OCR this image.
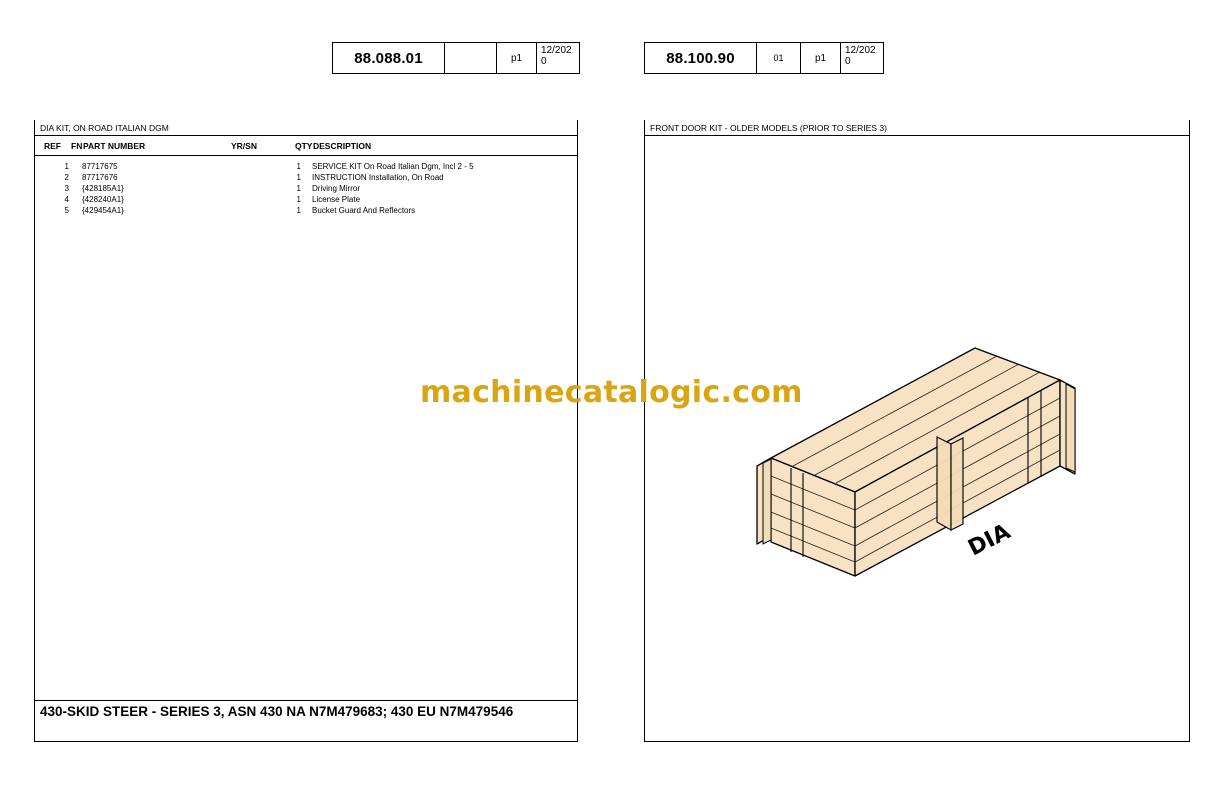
88.088.01	p1
12/2020
DIA KIT, ON ROAD ITALIAN DGM
REF	FN PART NUMBER	YR/SN	QTY DESCRIPTION
1 87717675	1 SERVICE KIT On Road Italian Dgm, Incl 2 - 5
2 87717676	1 INSTRUCTION Installation, On Road
3 {428185A1}	1 Driving Mirror
4 {428240A1}	1 License Plate
5 {429454A1}	1 Bucket Guard And Reflectors
430-SKID STEER - SERIES 3, ASN 430 NA N7M479683; 430 EU N7M479546
88.100.90	01	p1
12/2020
FRONT DOOR KIT - OLDER MODELS (PRIOR TO SERIES 3)
DIA
machinecatalogic.com
